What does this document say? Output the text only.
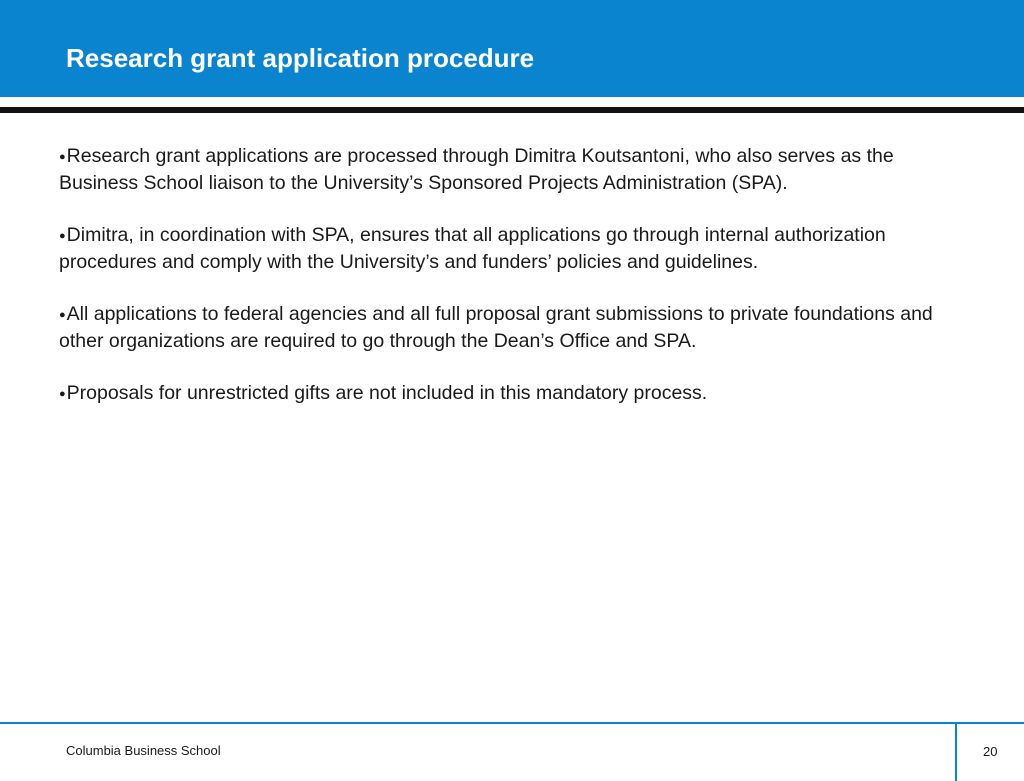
Research grant application procedure

●Research grant applications are processed through Dimitra Koutsantoni, who also serves as the Business School liaison to the University’s Sponsored Projects Administration (SPA).

●Dimitra, in coordination with SPA, ensures that all applications go through internal authorization procedures and comply with the University’s and funders’ policies and guidelines.

●All applications to federal agencies and all full proposal grant submissions to private foundations and other organizations are required to go through the Dean’s Office and SPA.

●Proposals for unrestricted gifts are not included in this mandatory process.

Columbia Business School	20
